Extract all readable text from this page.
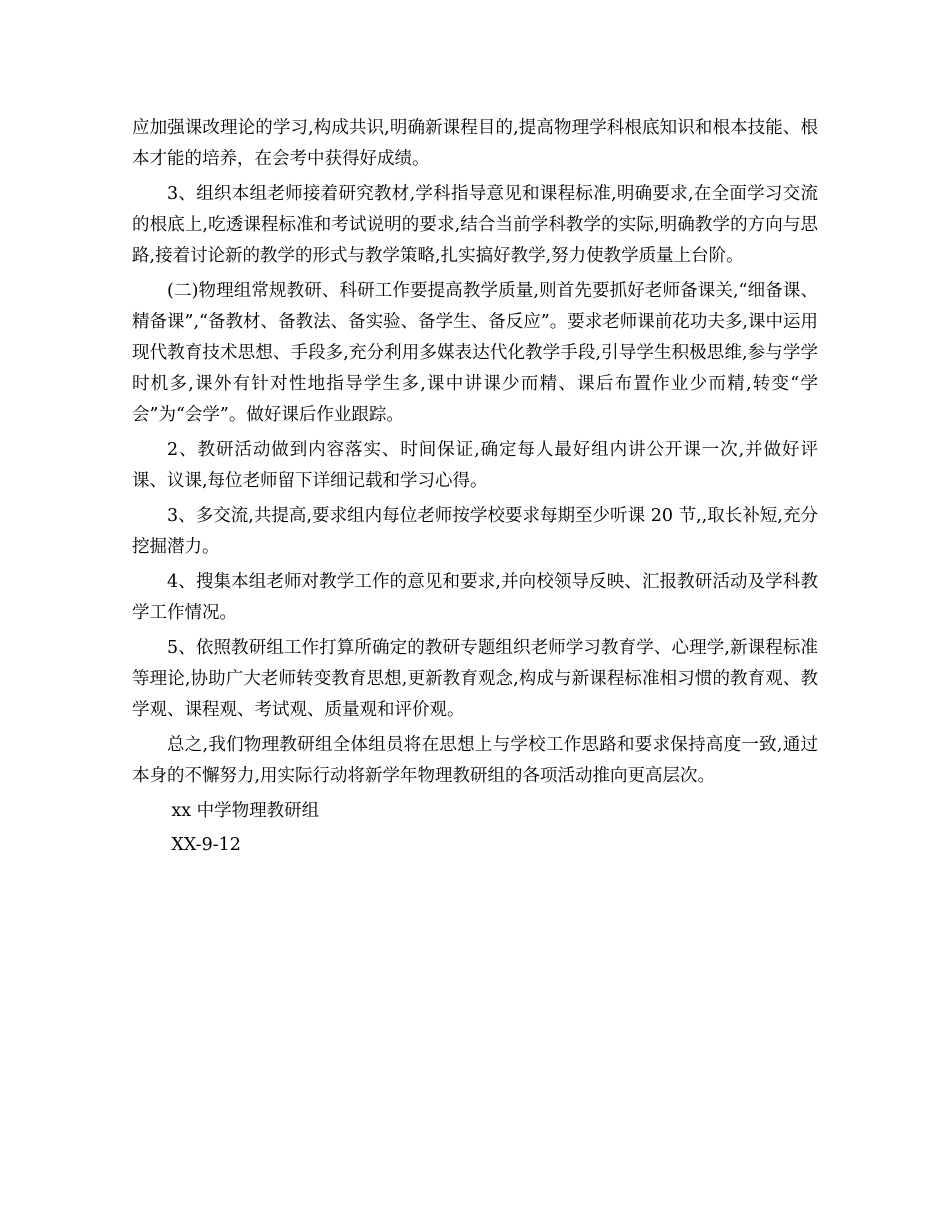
应加强课改理论的学习,构成共识,明确新课程目的,提高物理学科根底知识和根本技能、根本才能的培养，在会考中获得好成绩。

3、组织本组老师接着研究教材,学科指导意见和课程标准,明确要求,在全面学习交流的根底上,吃透课程标准和考试说明的要求,结合当前学科教学的实际,明确教学的方向与思路,接着讨论新的教学的形式与教学策略,扎实搞好教学,努力使教学质量上台阶。

(二)物理组常规教研、科研工作要提高教学质量,则首先要抓好老师备课关,“细备课、精备课”,“备教材、备教法、备实验、备学生、备反应”。要求老师课前花功夫多,课中运用现代教育技术思想、手段多,充分利用多媒表达代化教学手段,引导学生积极思维,参与学学时机多,课外有针对性地指导学生多,课中讲课少而精、课后布置作业少而精,转变“学会”为“会学”。做好课后作业跟踪。

2、教研活动做到内容落实、时间保证,确定每人最好组内讲公开课一次,并做好评课、议课,每位老师留下详细记载和学习心得。

3、多交流,共提高,要求组内每位老师按学校要求每期至少听课 20 节,,取长补短,充分挖掘潜力。

4、搜集本组老师对教学工作的意见和要求,并向校领导反映、汇报教研活动及学科教学工作情况。

5、依照教研组工作打算所确定的教研专题组织老师学习教育学、心理学,新课程标准等理论,协助广大老师转变教育思想,更新教育观念,构成与新课程标准相习惯的教育观、教学观、课程观、考试观、质量观和评价观。

总之,我们物理教研组全体组员将在思想上与学校工作思路和要求保持高度一致,通过本身的不懈努力,用实际行动将新学年物理教研组的各项活动推向更高层次。

xx 中学物理教研组

XX-9-12
